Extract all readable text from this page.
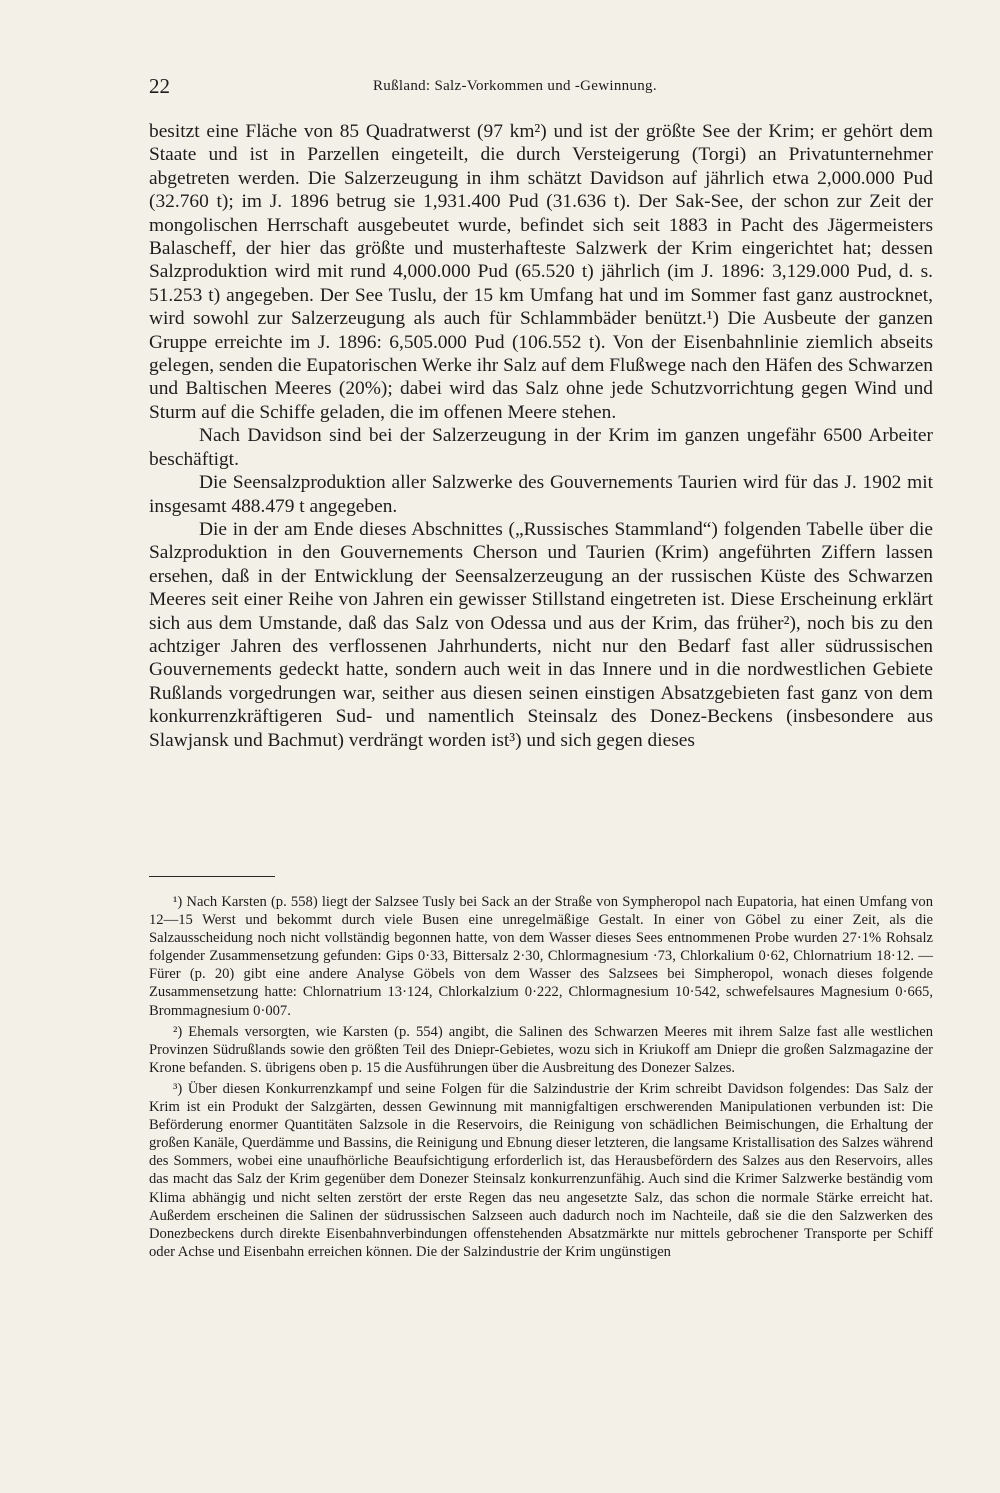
22	Rußland: Salz-Vorkommen und -Gewinnung.

besitzt eine Fläche von 85 Quadratwerst (97 km²) und ist der größte See der Krim; er gehört dem Staate und ist in Parzellen eingeteilt, die durch Versteigerung (Torgi) an Privatunternehmer abgetreten werden. Die Salzerzeugung in ihm schätzt Davidson auf jährlich etwa 2,000.000 Pud (32.760 t); im J. 1896 betrug sie 1,931.400 Pud (31.636 t). Der Sak-See, der schon zur Zeit der mongolischen Herrschaft ausgebeutet wurde, befindet sich seit 1883 in Pacht des Jägermeisters Balascheff, der hier das größte und musterhafteste Salzwerk der Krim eingerichtet hat; dessen Salzproduktion wird mit rund 4,000.000 Pud (65.520 t) jährlich (im J. 1896: 3,129.000 Pud, d. s. 51.253 t) angegeben. Der See Tuslu, der 15 km Umfang hat und im Sommer fast ganz austrocknet, wird sowohl zur Salzerzeugung als auch für Schlammbäder benützt.¹) Die Ausbeute der ganzen Gruppe erreichte im J. 1896: 6,505.000 Pud (106.552 t). Von der Eisenbahnlinie ziemlich abseits gelegen, senden die Eupatorischen Werke ihr Salz auf dem Flußwege nach den Häfen des Schwarzen und Baltischen Meeres (20%); dabei wird das Salz ohne jede Schutzvorrichtung gegen Wind und Sturm auf die Schiffe geladen, die im offenen Meere stehen.

Nach Davidson sind bei der Salzerzeugung in der Krim im ganzen ungefähr 6500 Arbeiter beschäftigt.

Die Seensalzproduktion aller Salzwerke des Gouvernements Taurien wird für das J. 1902 mit insgesamt 488.479 t angegeben.

Die in der am Ende dieses Abschnittes („Russisches Stammland“) folgenden Tabelle über die Salzproduktion in den Gouvernements Cherson und Taurien (Krim) angeführten Ziffern lassen ersehen, daß in der Entwicklung der Seensalzerzeugung an der russischen Küste des Schwarzen Meeres seit einer Reihe von Jahren ein gewisser Stillstand eingetreten ist. Diese Erscheinung erklärt sich aus dem Umstande, daß das Salz von Odessa und aus der Krim, das früher²), noch bis zu den achtziger Jahren des verflossenen Jahrhunderts, nicht nur den Bedarf fast aller südrussischen Gouvernements gedeckt hatte, sondern auch weit in das Innere und in die nordwestlichen Gebiete Rußlands vorgedrungen war, seither aus diesen seinen einstigen Absatzgebieten fast ganz von dem konkurrenzkräftigeren Sud- und namentlich Steinsalz des Donez-Beckens (insbesondere aus Slawjansk und Bachmut) verdrängt worden ist³) und sich gegen dieses

¹) Nach Karsten (p. 558) liegt der Salzsee Tusly bei Sack an der Straße von Sympheropol nach Eupatoria, hat einen Umfang von 12—15 Werst und bekommt durch viele Busen eine unregelmäßige Gestalt. In einer von Göbel zu einer Zeit, als die Salzausscheidung noch nicht vollständig begonnen hatte, von dem Wasser dieses Sees entnommenen Probe wurden 27·1% Rohsalz folgender Zusammensetzung gefunden: Gips 0·33, Bittersalz 2·30, Chlormagnesium ·73, Chlorkalium 0·62, Chlornatrium 18·12. — Fürer (p. 20) gibt eine andere Analyse Göbels von dem Wasser des Salzsees bei Simpheropol, wonach dieses folgende Zusammensetzung hatte: Chlornatrium 13·124, Chlorkalzium 0·222, Chlormagnesium 10·542, schwefelsaures Magnesium 0·665, Brommagnesium 0·007.

²) Ehemals versorgten, wie Karsten (p. 554) angibt, die Salinen des Schwarzen Meeres mit ihrem Salze fast alle westlichen Provinzen Südrußlands sowie den größten Teil des Dniepr-Gebietes, wozu sich in Kriukoff am Dniepr die großen Salzmagazine der Krone befanden. S. übrigens oben p. 15 die Ausführungen über die Ausbreitung des Donezer Salzes.

³) Über diesen Konkurrenzkampf und seine Folgen für die Salzindustrie der Krim schreibt Davidson folgendes: Das Salz der Krim ist ein Produkt der Salzgärten, dessen Gewinnung mit mannigfaltigen erschwerenden Manipulationen verbunden ist: Die Beförderung enormer Quantitäten Salzsole in die Reservoirs, die Reinigung von schädlichen Beimischungen, die Erhaltung der großen Kanäle, Querdämme und Bassins, die Reinigung und Ebnung dieser letzteren, die langsame Kristallisation des Salzes während des Sommers, wobei eine unaufhörliche Beaufsichtigung erforderlich ist, das Herausbefördern des Salzes aus den Reservoirs, alles das macht das Salz der Krim gegenüber dem Donezer Steinsalz konkurrenzunfähig. Auch sind die Krimer Salzwerke beständig vom Klima abhängig und nicht selten zerstört der erste Regen das neu angesetzte Salz, das schon die normale Stärke erreicht hat. Außerdem erscheinen die Salinen der südrussischen Salzseen auch dadurch noch im Nachteile, daß sie die den Salzwerken des Donezbeckens durch direkte Eisenbahnverbindungen offenstehenden Absatzmärkte nur mittels gebrochener Transporte per Schiff oder Achse und Eisenbahn erreichen können. Die der Salzindustrie der Krim ungünstigen
